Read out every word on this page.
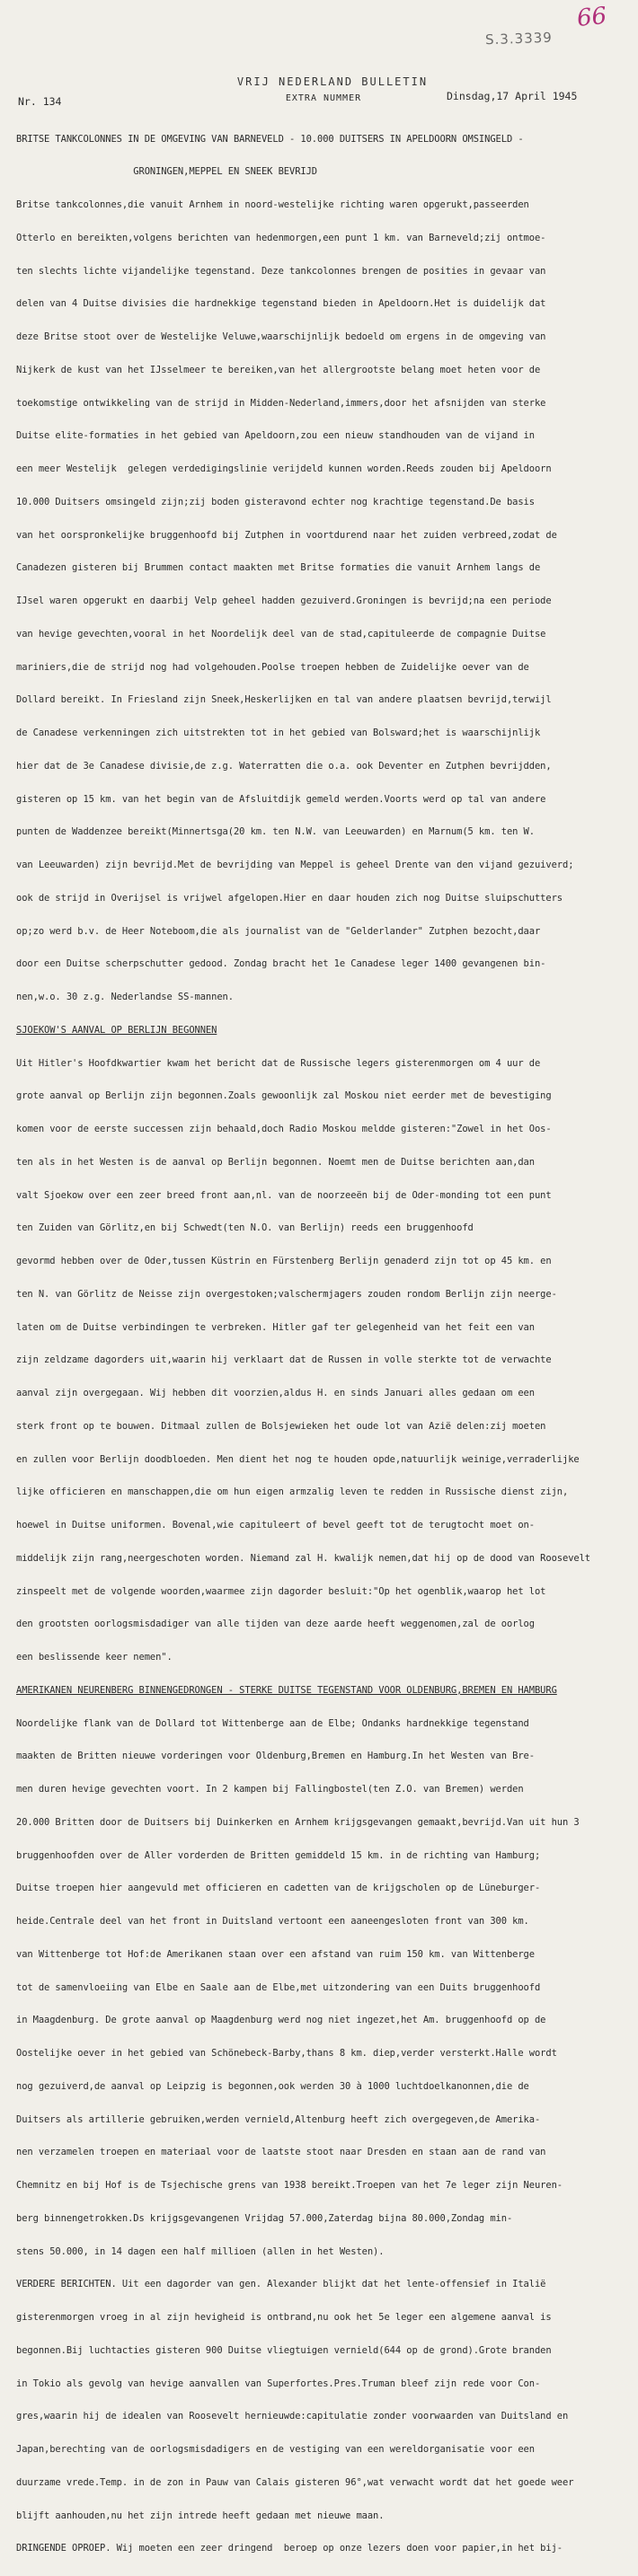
66
S.3.3339
VRIJ NEDERLAND BULLETIN
EXTRA NUMMER
Nr. 134	Dinsdag,17 April 1945

BRITSE TANKCOLONNES IN DE OMGEVING VAN BARNEVELD - 10.000 DUITSERS IN APELDOORN OMSINGELD -

GRONINGEN,MEPPEL EN SNEEK BEVRIJD

Britse tankcolonnes,die vanuit Arnhem in noord-westelijke richting waren opgerukt,passeerden

Otterlo en bereikten,volgens berichten van hedenmorgen,een punt 1 km. van Barneveld;zij ontmoe-

ten slechts lichte vijandelijke tegenstand. Deze tankcolonnes brengen de posities in gevaar van

delen van 4 Duitse divisies die hardnekkige tegenstand bieden in Apeldoorn.Het is duidelijk dat

deze Britse stoot over de Westelijke Veluwe,waarschijnlijk bedoeld om ergens in de omgeving van

Nijkerk de kust van het IJsselmeer te bereiken,van het allergrootste belang moet heten voor de

toekomstige ontwikkeling van de strijd in Midden-Nederland,immers,door het afsnijden van sterke

Duitse elite-formaties in het gebied van Apeldoorn,zou een nieuw standhouden van de vijand in

een meer Westelijk  gelegen verdedigingslinie verijdeld kunnen worden.Reeds zouden bij Apeldoorn

10.000 Duitsers omsingeld zijn;zij boden gisteravond echter nog krachtige tegenstand.De basis

van het oorspronkelijke bruggenhoofd bij Zutphen in voortdurend naar het zuiden verbreed,zodat de

Canadezen gisteren bij Brummen contact maakten met Britse formaties die vanuit Arnhem langs de

IJsel waren opgerukt en daarbij Velp geheel hadden gezuiverd.Groningen is bevrijd;na een periode

van hevige gevechten,vooral in het Noordelijk deel van de stad,capituleerde de compagnie Duitse

mariniers,die de strijd nog had volgehouden.Poolse troepen hebben de Zuidelijke oever van de

Dollard bereikt. In Friesland zijn Sneek,Heskerlijken en tal van andere plaatsen bevrijd,terwijl

de Canadese verkenningen zich uitstrekten tot in het gebied van Bolsward;het is waarschijnlijk

hier dat de 3e Canadese divisie,de z.g. Waterratten die o.a. ook Deventer en Zutphen bevrijdden,

gisteren op 15 km. van het begin van de Afsluitdijk gemeld werden.Voorts werd op tal van andere

punten de Waddenzee bereikt(Minnertsga(20 km. ten N.W. van Leeuwarden) en Marnum(5 km. ten W.

van Leeuwarden) zijn bevrijd.Met de bevrijding van Meppel is geheel Drente van den vijand gezuiverd;

ook de strijd in Overijsel is vrijwel afgelopen.Hier en daar houden zich nog Duitse sluipschutters

op;zo werd b.v. de Heer Noteboom,die als journalist van de "Gelderlander" Zutphen bezocht,daar

door een Duitse scherpschutter gedood. Zondag bracht het 1e Canadese leger 1400 gevangenen bin-

nen,w.o. 30 z.g. Nederlandse SS-mannen.

SJOEKOW'S AANVAL OP BERLIJN BEGONNEN

Uit Hitler's Hoofdkwartier kwam het bericht dat de Russische legers gisterenmorgen om 4 uur de

grote aanval op Berlijn zijn begonnen.Zoals gewoonlijk zal Moskou niet eerder met de bevestiging

komen voor de eerste successen zijn behaald,doch Radio Moskou meldde gisteren:"Zowel in het Oos-

ten als in het Westen is de aanval op Berlijn begonnen. Noemt men de Duitse berichten aan,dan

valt Sjoekow over een zeer breed front aan,nl. van de noorzeeën bij de Oder-monding tot een punt

ten Zuiden van Görlitz,en bij Schwedt(ten N.O. van Berlijn) reeds een bruggenhoofd

gevormd hebben over de Oder,tussen Küstrin en Fürstenberg Berlijn genaderd zijn tot op 45 km. en

ten N. van Görlitz de Neisse zijn overgestoken;valschermjagers zouden rondom Berlijn zijn neerge-

laten om de Duitse verbindingen te verbreken. Hitler gaf ter gelegenheid van het feit een van

zijn zeldzame dagorders uit,waarin hij verklaart dat de Russen in volle sterkte tot de verwachte

aanval zijn overgegaan. Wij hebben dit voorzien,aldus H. en sinds Januari alles gedaan om een

sterk front op te bouwen. Ditmaal zullen de Bolsjewieken het oude lot van Azië delen:zij moeten

en zullen voor Berlijn doodbloeden. Men dient het nog te houden opde,natuurlijk weinige,verraderlijke

lijke officieren en manschappen,die om hun eigen armzalig leven te redden in Russische dienst zijn,

hoewel in Duitse uniformen. Bovenal,wie capituleert of bevel geeft tot de terugtocht moet on-

middelijk zijn rang,neergeschoten worden. Niemand zal H. kwalijk nemen,dat hij op de dood van Roosevelt

zinspeelt met de volgende woorden,waarmee zijn dagorder besluit:"Op het ogenblik,waarop het lot

den grootsten oorlogsmisdadiger van alle tijden van deze aarde heeft weggenomen,zal de oorlog

een beslissende keer nemen".

AMERIKANEN NEURENBERG BINNENGEDRONGEN - STERKE DUITSE TEGENSTAND VOOR OLDENBURG,BREMEN EN HAMBURG

Noordelijke flank van de Dollard tot Wittenberge aan de Elbe; Ondanks hardnekkige tegenstand

maakten de Britten nieuwe vorderingen voor Oldenburg,Bremen en Hamburg.In het Westen van Bre-

men duren hevige gevechten voort. In 2 kampen bij Fallingbostel(ten Z.O. van Bremen) werden

20.000 Britten door de Duitsers bij Duinkerken en Arnhem krijgsgevangen gemaakt,bevrijd.Van uit hun 3

bruggenhoofden over de Aller vorderden de Britten gemiddeld 15 km. in de richting van Hamburg;

Duitse troepen hier aangevuld met officieren en cadetten van de krijgscholen op de Lüneburger-

heide.Centrale deel van het front in Duitsland vertoont een aaneengesloten front van 300 km.

van Wittenberge tot Hof:de Amerikanen staan over een afstand van ruim 150 km. van Wittenberge

tot de samenvloeiing van Elbe en Saale aan de Elbe,met uitzondering van een Duits bruggenhoofd

in Maagdenburg. De grote aanval op Maagdenburg werd nog niet ingezet,het Am. bruggenhoofd op de

Oostelijke oever in het gebied van Schönebeck-Barby,thans 8 km. diep,verder versterkt.Halle wordt

nog gezuiverd,de aanval op Leipzig is begonnen,ook werden 30 à 1000 luchtdoelkanonnen,die de

Duitsers als artillerie gebruiken,werden vernield,Altenburg heeft zich overgegeven,de Amerika-

nen verzamelen troepen en materiaal voor de laatste stoot naar Dresden en staan aan de rand van

Chemnitz en bij Hof is de Tsjechische grens van 1938 bereikt.Troepen van het 7e leger zijn Neuren-

berg binnengetrokken.Ds krijgsgevangenen Vrijdag 57.000,Zaterdag bijna 80.000,Zondag min-

stens 50.000, in 14 dagen een half millioen (allen in het Westen).

VERDERE BERICHTEN. Uit een dagorder van gen. Alexander blijkt dat het lente-offensief in Italië

gisterenmorgen vroeg in al zijn hevigheid is ontbrand,nu ook het 5e leger een algemene aanval is

begonnen.Bij luchtacties gisteren 900 Duitse vliegtuigen vernield(644 op de grond).Grote branden

in Tokio als gevolg van hevige aanvallen van Superfortes.Pres.Truman bleef zijn rede voor Con-

gres,waarin hij de idealen van Roosevelt hernieuwde:capitulatie zonder voorwaarden van Duitsland en

Japan,berechting van de oorlogsmisdadigers en de vestiging van een wereldorganisatie voor een

duurzame vrede.Temp. in de zon in Pauw van Calais gisteren 96°,wat verwacht wordt dat het goede weer

blijft aanhouden,nu het zijn intrede heeft gedaan met nieuwe maan.

DRINGENDE OPROEP. Wij moeten een zeer dringend  beroep op onze lezers doen voor papier,in het bij-
